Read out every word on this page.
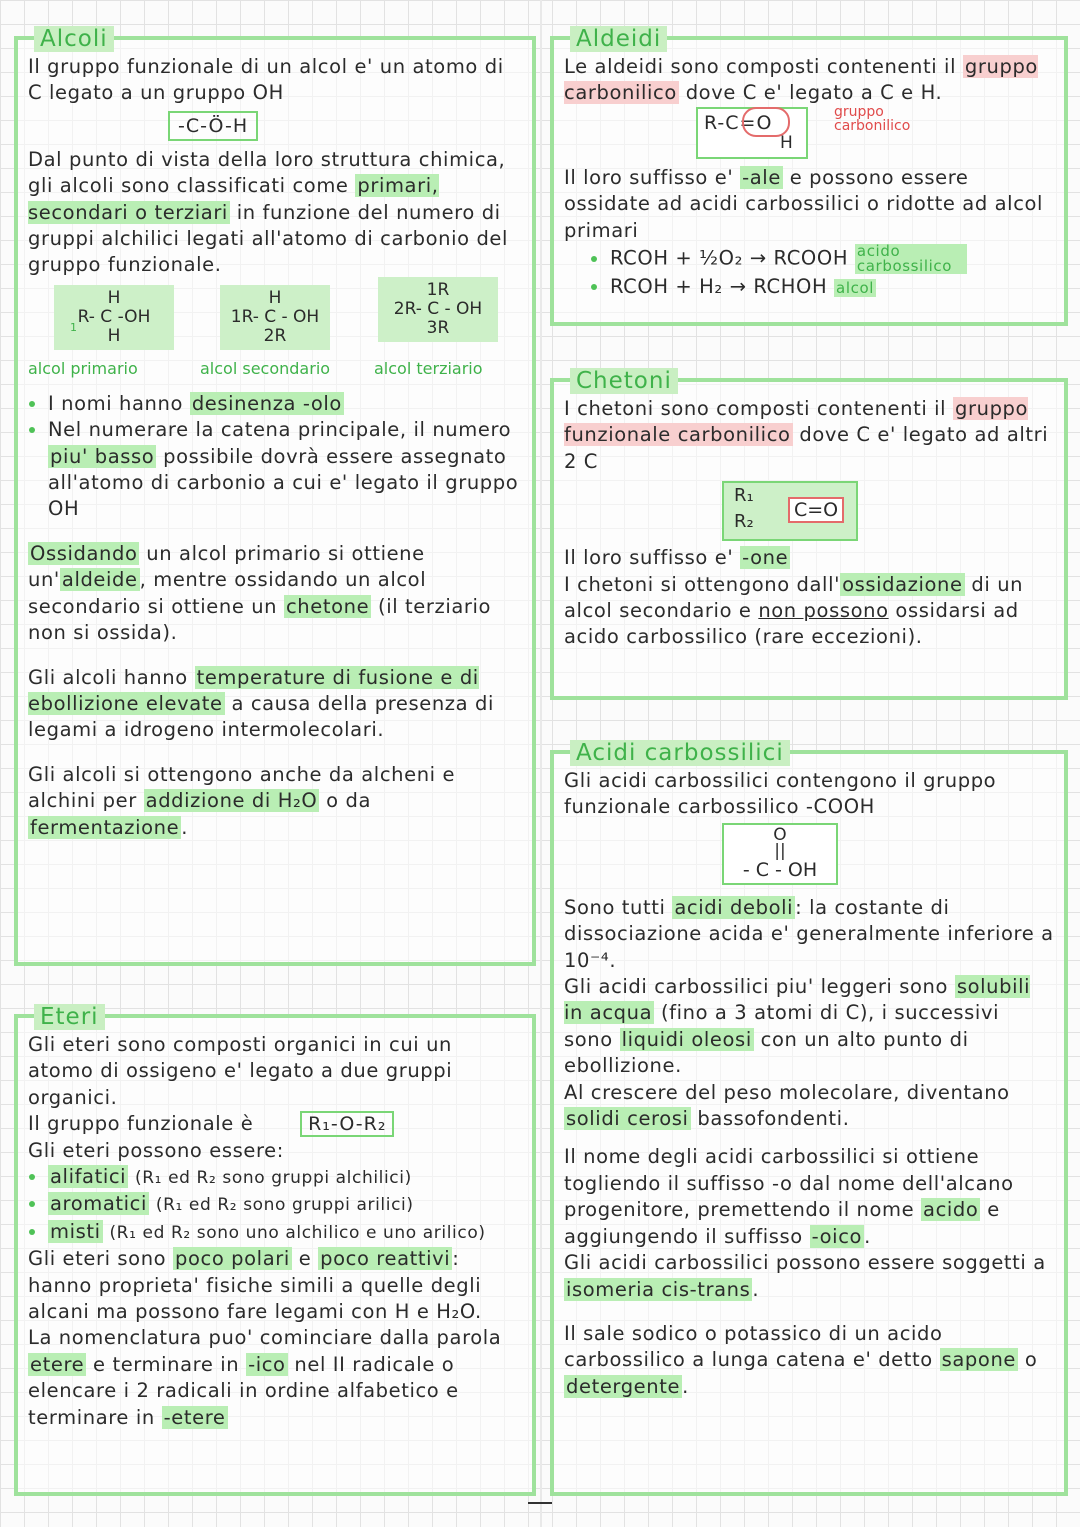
Alcoli

Il gruppo funzionale di un alcol e' un atomo di C legato a un gruppo OH

-C-Ö-H

Dal punto di vista della loro struttura chimica, gli alcoli sono classificati come primari, secondari o terziari in funzione del numero di gruppi alchilici legati all'atomo di carbonio del gruppo funzionale.

H
R- C -OH
H
1
H
1R- C - OH
2R
1R
2R- C - OH
3R
alcol primario	alcol secondario	alcol terziario
• I nomi hanno desinenza -olo
• Nel numerare la catena principale, il numero piu' basso possibile dovrà essere assegnato all'atomo di carbonio a cui e' legato il gruppo OH

Ossidando un alcol primario si ottiene un' aldeide , mentre ossidando un alcol secondario si ottiene un chetone (il terziario non si ossida).

Gli alcoli hanno temperature di fusione e di ebollizione elevate a causa della presenza di legami a idrogeno intermolecolari.

Gli alcoli si ottengono anche da alcheni e alchini per addizione di H₂O o da fermentazione .

Eteri

Gli eteri sono composti organici in cui un atomo di ossigeno e' legato a due gruppi organici.

Il gruppo funzionale è	R₁-O-R₂

Gli eteri possono essere:

• alifatici (R₁ ed R₂ sono gruppi alchilici)
• aromatici (R₁ ed R₂ sono gruppi arilici)
• misti (R₁ ed R₂ sono uno alchilico e uno arilico)

Gli eteri sono poco polari e poco reattivi : hanno proprieta' fisiche simili a quelle degli alcani ma possono fare legami con H e H₂O.

La nomenclatura puo' cominciare dalla parola etere e terminare in -ico nel II radicale o elencare i 2 radicali in ordine alfabetico e terminare in -etere

Aldeidi

Le aldeidi sono composti contenenti il gruppo carbonilico dove C e' legato a C e H.

R-C=O
H
gruppo carbonilico

Il loro suffisso e' -ale e possono essere ossidate ad acidi carbossilici o ridotte ad alcol primari

• RCOH + ½O₂ → RCOOH acido carbossilico
• RCOH + H₂ → RCHOH alcol
Chetoni

I chetoni sono composti contenenti il gruppo funzionale carbonilico dove C e' legato ad altri 2 C

R₁
R₂
C=O

Il loro suffisso e' -one

I chetoni si ottengono dall' ossidazione di un alcol secondario e non possono ossidarsi ad acido carbossilico (rare eccezioni).

Acidi carbossilici

Gli acidi carbossilici contengono il gruppo funzionale carbossilico -COOH

O
||
- C - OH

Sono tutti acidi deboli : la costante di dissociazione acida e' generalmente inferiore a 10⁻⁴.

Gli acidi carbossilici piu' leggeri sono solubili in acqua (fino a 3 atomi di C), i successivi sono liquidi oleosi con un alto punto di ebollizione.

Al crescere del peso molecolare, diventano solidi cerosi bassofondenti.

Il nome degli acidi carbossilici si ottiene togliendo il suffisso -o dal nome dell'alcano progenitore, premettendo il nome acido e aggiungendo il suffisso -oico .

Gli acidi carbossilici possono essere soggetti a isomeria cis-trans .

Il sale sodico o potassico di un acido carbossilico a lunga catena e' detto sapone o detergente .
